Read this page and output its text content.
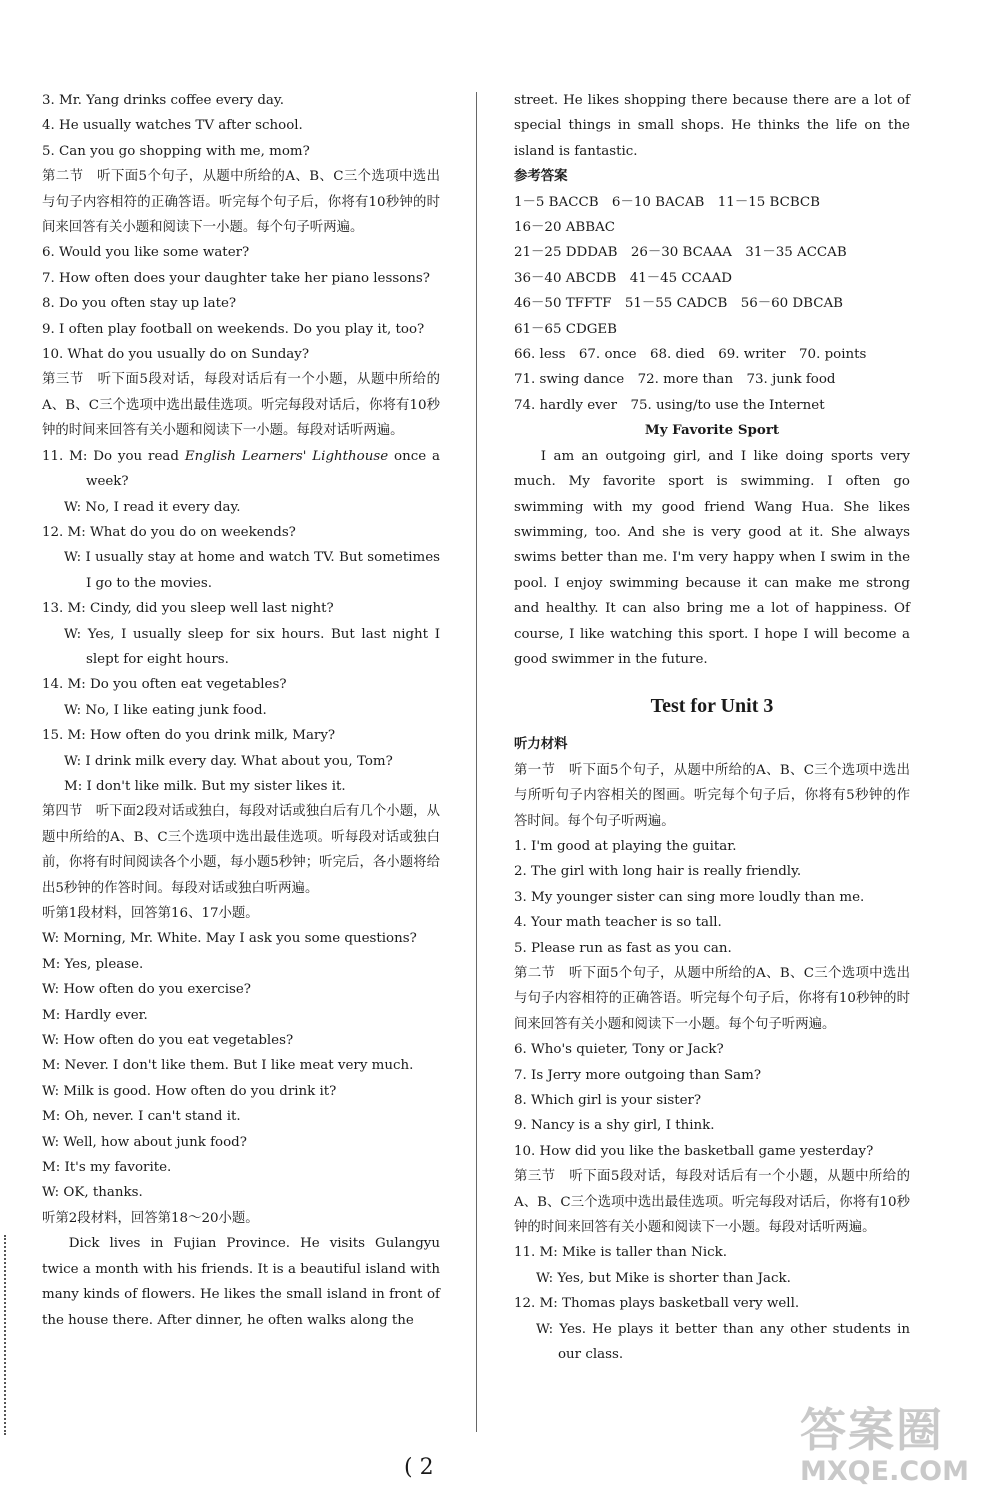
3. Mr. Yang drinks coffee every day.
4. He usually watches TV after school.
5. Can you go shopping with me, mom?
第二节　听下面5个句子，从题中所给的A、B、C三个选项中选出与句子内容相符的正确答语。听完每个句子后，你将有10秒钟的时间来回答有关小题和阅读下一小题。每个句子听两遍。
6. Would you like some water?
7. How often does your daughter take her piano lessons?
8. Do you often stay up late?
9. I often play football on weekends. Do you play it, too?
10. What do you usually do on Sunday?
第三节　听下面5段对话，每段对话后有一个小题，从题中所给的A、B、C三个选项中选出最佳选项。听完每段对话后，你将有10秒钟的时间来回答有关小题和阅读下一小题。每段对话听两遍。
11. M: Do you read English Learners' Lighthouse once a week?
W: No, I read it every day.
12. M: What do you do on weekends?
W: I usually stay at home and watch TV. But sometimes I go to the movies.
13. M: Cindy, did you sleep well last night?
W: Yes, I usually sleep for six hours. But last night I slept for eight hours.
14. M: Do you often eat vegetables?
W: No, I like eating junk food.
15. M: How often do you drink milk, Mary?
W: I drink milk every day. What about you, Tom?
M: I don't like milk. But my sister likes it.
第四节　听下面2段对话或独白，每段对话或独白后有几个小题，从题中所给的A、B、C三个选项中选出最佳选项。听每段对话或独白前，你将有时间阅读各个小题，每小题5秒钟；听完后，各小题将给出5秒钟的作答时间。每段对话或独白听两遍。
听第1段材料，回答第16、17小题。
W: Morning, Mr. White. May I ask you some questions?
M: Yes, please.
W: How often do you exercise?
M: Hardly ever.
W: How often do you eat vegetables?
M: Never. I don't like them. But I like meat very much.
W: Milk is good. How often do you drink it?
M: Oh, never. I can't stand it.
W: Well, how about junk food?
M: It's my favorite.
W: OK, thanks.
听第2段材料，回答第18～20小题。
Dick lives in Fujian Province. He visits Gulangyu twice a month with his friends. It is a beautiful island with many kinds of flowers. He likes the small island in front of the house there. After dinner, he often walks along the
street. He likes shopping there because there are a lot of special things in small shops. He thinks the life on the island is fantastic.
参考答案
1－5 BACCB　6－10 BACAB　11－15 BCBCB
16－20 ABBAC
21－25 DDDAB　26－30 BCAAA　31－35 ACCAB
36－40 ABCDB　41－45 CCAAD
46－50 TFFTF　51－55 CADCB　56－60 DBCAB
61－65 CDGEB
66. less　67. once　68. died　69. writer　70. points
71. swing dance　72. more than　73. junk food
74. hardly ever　75. using/to use the Internet
My Favorite Sport
I am an outgoing girl, and I like doing sports very much. My favorite sport is swimming. I often go swimming with my good friend Wang Hua. She likes swimming, too. And she is very good at it. She always swims better than me. I'm very happy when I swim in the pool. I enjoy swimming because it can make me strong and healthy. It can also bring me a lot of happiness. Of course, I like watching this sport. I hope I will become a good swimmer in the future.
Test for Unit 3
听力材料
第一节　听下面5个句子，从题中所给的A、B、C三个选项中选出与所听句子内容相关的图画。听完每个句子后，你将有5秒钟的作答时间。每个句子听两遍。
1. I'm good at playing the guitar.
2. The girl with long hair is really friendly.
3. My younger sister can sing more loudly than me.
4. Your math teacher is so tall.
5. Please run as fast as you can.
第二节　听下面5个句子，从题中所给的A、B、C三个选项中选出与句子内容相符的正确答语。听完每个句子后，你将有10秒钟的时间来回答有关小题和阅读下一小题。每个句子听两遍。
6. Who's quieter, Tony or Jack?
7. Is Jerry more outgoing than Sam?
8. Which girl is your sister?
9. Nancy is a shy girl, I think.
10. How did you like the basketball game yesterday?
第三节　听下面5段对话，每段对话后有一个小题，从题中所给的A、B、C三个选项中选出最佳选项。听完每段对话后，你将有10秒钟的时间来回答有关小题和阅读下一小题。每段对话听两遍。
11. M: Mike is taller than Nick.
W: Yes, but Mike is shorter than Jack.
12. M: Thomas plays basketball very well.
W: Yes. He plays it better than any other students in our class.
( 2
答案圈
MXQE.COM
